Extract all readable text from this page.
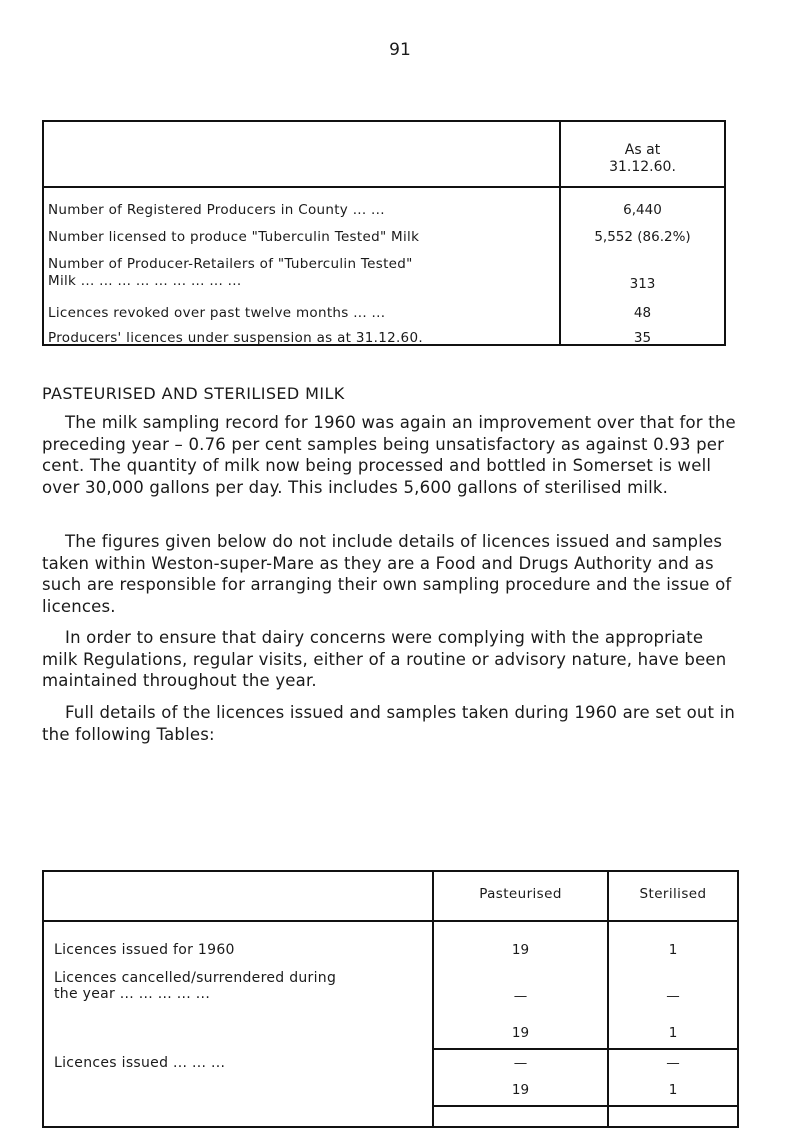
91
As at
31.12.60.
Number of Registered Producers in County ... ...	6,440
Number licensed to produce "Tuberculin Tested" Milk	5,552 (86.2%)
Number of Producer-Retailers of "Tuberculin Tested"
Milk ... ... ... ... ... ... ... ... ...	313
Licences revoked over past twelve months ... ...	48
Producers' licences under suspension as at 31.12.60.	35
PASTEURISED AND STERILISED MILK

The milk sampling record for 1960 was again an improvement over that for the preceding year – 0.76 per cent samples being unsatisfactory as against 0.93 per cent. The quantity of milk now being processed and bottled in Somerset is well over 30,000 gallons per day. This includes 5,600 gallons of sterilised milk.

The figures given below do not include details of licences issued and samples taken within Weston-super-Mare as they are a Food and Drugs Authority and as such are responsible for arranging their own sampling procedure and the issue of licences.

In order to ensure that dairy concerns were complying with the appropriate milk Regulations, regular visits, either of a routine or advisory nature, have been maintained throughout the year.

Full details of the licences issued and samples taken during 1960 are set out in the following Tables:

Pasteurised	Sterilised
Licences issued for 1960	19	1
Licences cancelled/surrendered during
the year ... ... ... ... ...	—	—
19	1
Licences issued ... ... ...	—	—
19	1
